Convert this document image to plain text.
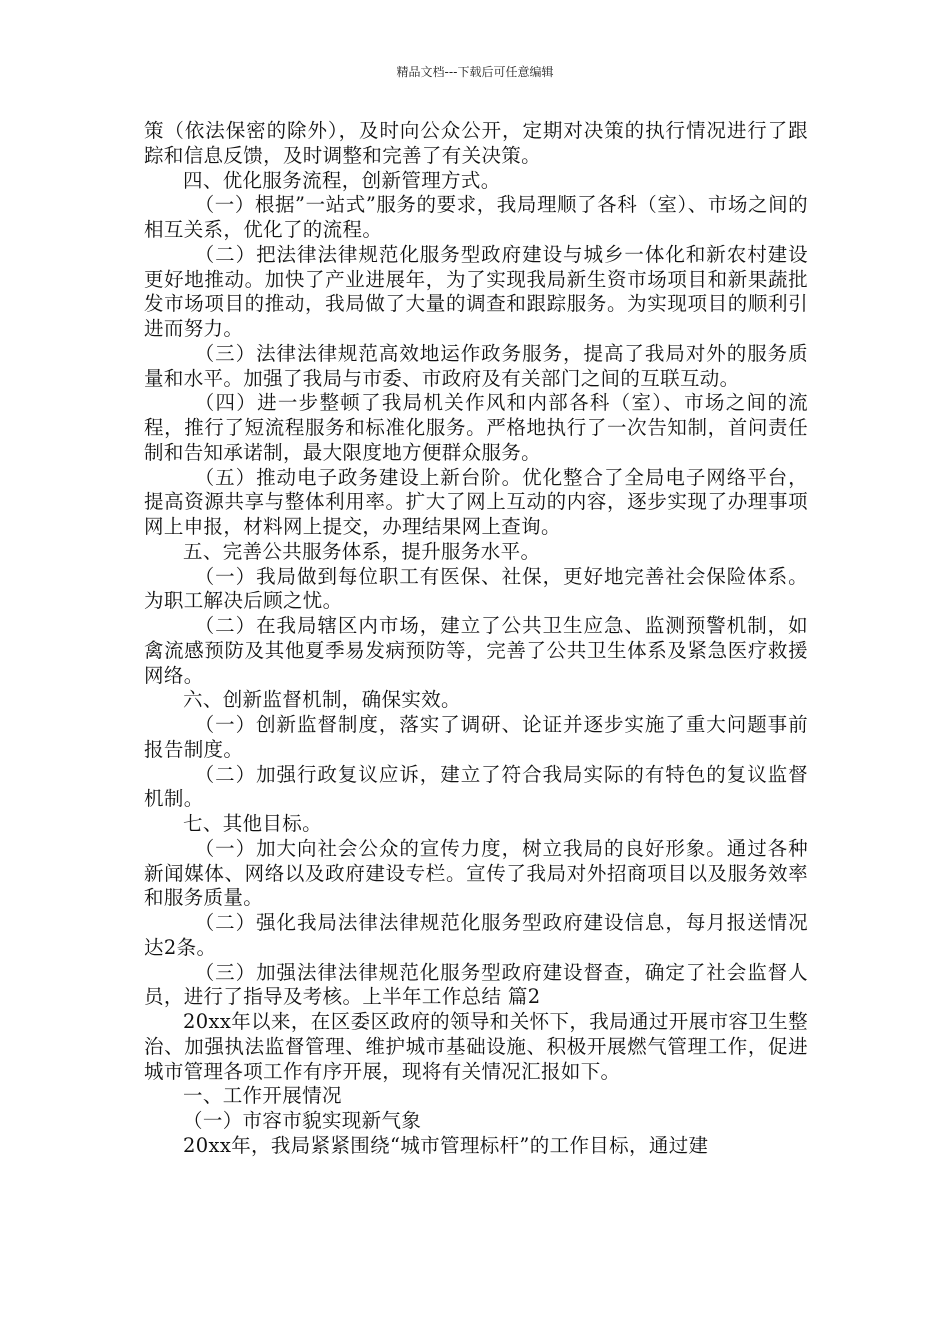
精品文档---下载后可任意编辑

策（依法保密的除外），及时向公众公开，定期对决策的执行情况进行了跟踪和信息反馈，及时调整和完善了有关决策。

四、优化服务流程，创新管理方式。

（一）根据”一站式”服务的要求，我局理顺了各科（室）、市场之间的相互关系，优化了的流程。

（二）把法律法律规范化服务型政府建设与城乡一体化和新农村建设更好地推动。加快了产业进展年，为了实现我局新生资市场项目和新果蔬批发市场项目的推动，我局做了大量的调查和跟踪服务。为实现项目的顺利引进而努力。

（三）法律法律规范高效地运作政务服务，提高了我局对外的服务质量和水平。加强了我局与市委、市政府及有关部门之间的互联互动。

（四）进一步整顿了我局机关作风和内部各科（室）、市场之间的流程，推行了短流程服务和标准化服务。严格地执行了一次告知制，首问责任制和告知承诺制，最大限度地方便群众服务。

（五）推动电子政务建设上新台阶。优化整合了全局电子网络平台，提高资源共享与整体利用率。扩大了网上互动的内容，逐步实现了办理事项网上申报，材料网上提交，办理结果网上查询。

五、完善公共服务体系，提升服务水平。

（一）我局做到每位职工有医保、社保，更好地完善社会保险体系。为职工解决后顾之忧。

（二）在我局辖区内市场，建立了公共卫生应急、监测预警机制，如禽流感预防及其他夏季易发病预防等，完善了公共卫生体系及紧急医疗救援网络。

六、创新监督机制，确保实效。

（一）创新监督制度，落实了调研、论证并逐步实施了重大问题事前报告制度。

（二）加强行政复议应诉，建立了符合我局实际的有特色的复议监督机制。

七、其他目标。

（一）加大向社会公众的宣传力度，树立我局的良好形象。通过各种新闻媒体、网络以及政府建设专栏。宣传了我局对外招商项目以及服务效率和服务质量。

（二）强化我局法律法律规范化服务型政府建设信息，每月报送情况达2条。

（三）加强法律法律规范化服务型政府建设督查，确定了社会监督人员，进行了指导及考核。上半年工作总结 篇2

20xx年以来，在区委区政府的领导和关怀下，我局通过开展市容卫生整治、加强执法监督管理、维护城市基础设施、积极开展燃气管理工作，促进城市管理各项工作有序开展，现将有关情况汇报如下。

一、工作开展情况

（一）市容市貌实现新气象

20xx年，我局紧紧围绕“城市管理标杆”的工作目标，通过建
